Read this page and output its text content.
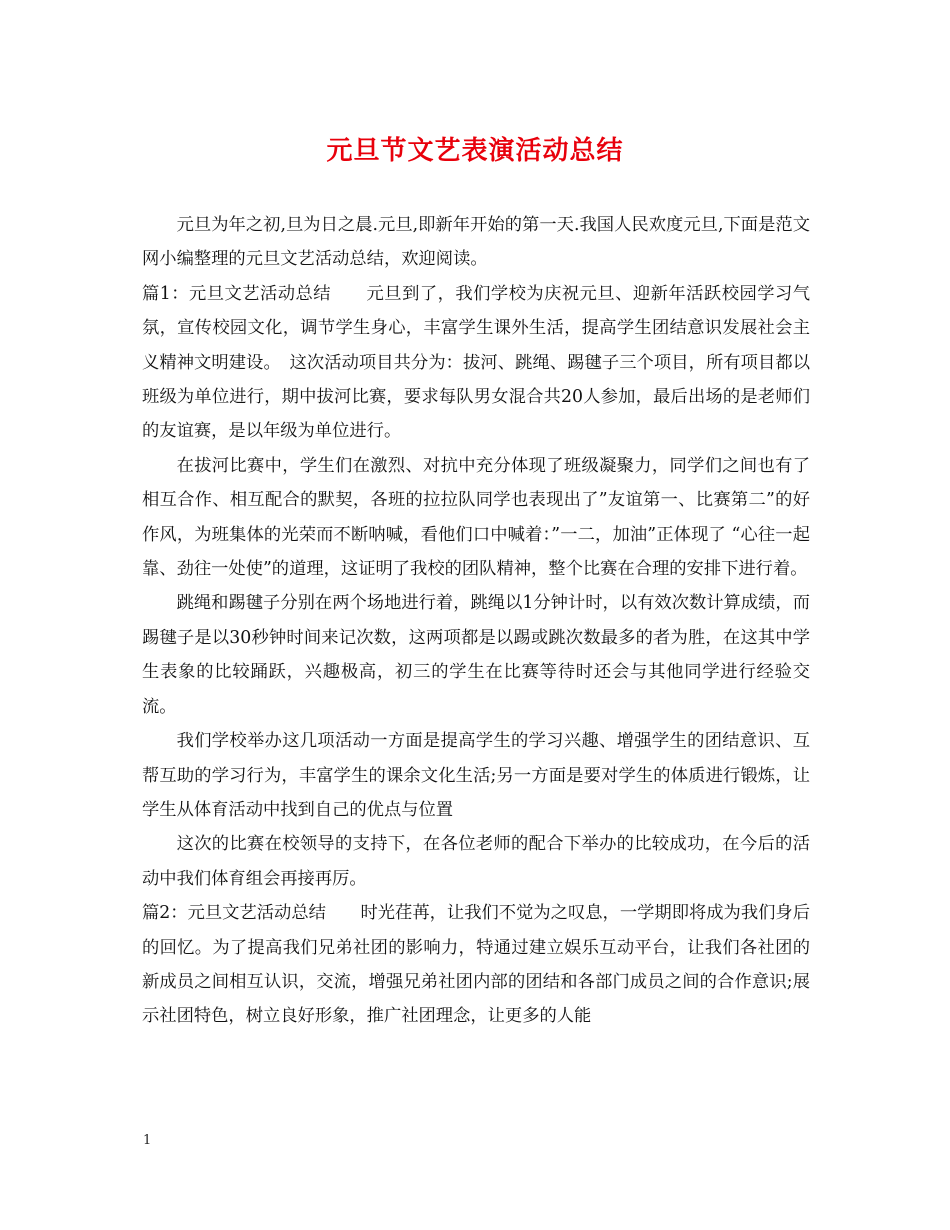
元旦节文艺表演活动总结

元旦为年之初,旦为日之晨.元旦,即新年开始的第一天.我国人民欢度元旦,下面是范文网小编整理的元旦文艺活动总结，欢迎阅读。

篇1：元旦文艺活动总结　　元旦到了，我们学校为庆祝元旦、迎新年活跃校园学习气氛，宣传校园文化，调节学生身心，丰富学生课外生活，提高学生团结意识发展社会主义精神文明建设。　这次活动项目共分为：拔河、跳绳、踢毽子三个项目，所有项目都以班级为单位进行，期中拔河比赛，要求每队男女混合共20人参加，最后出场的是老师们的友谊赛，是以年级为单位进行。

在拔河比赛中，学生们在激烈、对抗中充分体现了班级凝聚力，同学们之间也有了相互合作、相互配合的默契，各班的拉拉队同学也表现出了”友谊第一、比赛第二”的好作风，为班集体的光荣而不断呐喊，看他们口中喊着：”一二，加油”正体现了 “心往一起靠、劲往一处使”的道理，这证明了我校的团队精神，整个比赛在合理的安排下进行着。

跳绳和踢毽子分别在两个场地进行着，跳绳以1分钟计时，以有效次数计算成绩，而踢毽子是以30秒钟时间来记次数，这两项都是以踢或跳次数最多的者为胜，在这其中学生表象的比较踊跃，兴趣极高，初三的学生在比赛等待时还会与其他同学进行经验交流。

我们学校举办这几项活动一方面是提高学生的学习兴趣、增强学生的团结意识、互帮互助的学习行为，丰富学生的课余文化生活;另一方面是要对学生的体质进行锻炼，让学生从体育活动中找到自己的优点与位置

这次的比赛在校领导的支持下，在各位老师的配合下举办的比较成功，在今后的活动中我们体育组会再接再厉。

篇2：元旦文艺活动总结　　时光荏苒，让我们不觉为之叹息，一学期即将成为我们身后的回忆。为了提高我们兄弟社团的影响力，特通过建立娱乐互动平台，让我们各社团的新成员之间相互认识，交流，增强兄弟社团内部的团结和各部门成员之间的合作意识;展示社团特色，树立良好形象，推广社团理念，让更多的人能

1
